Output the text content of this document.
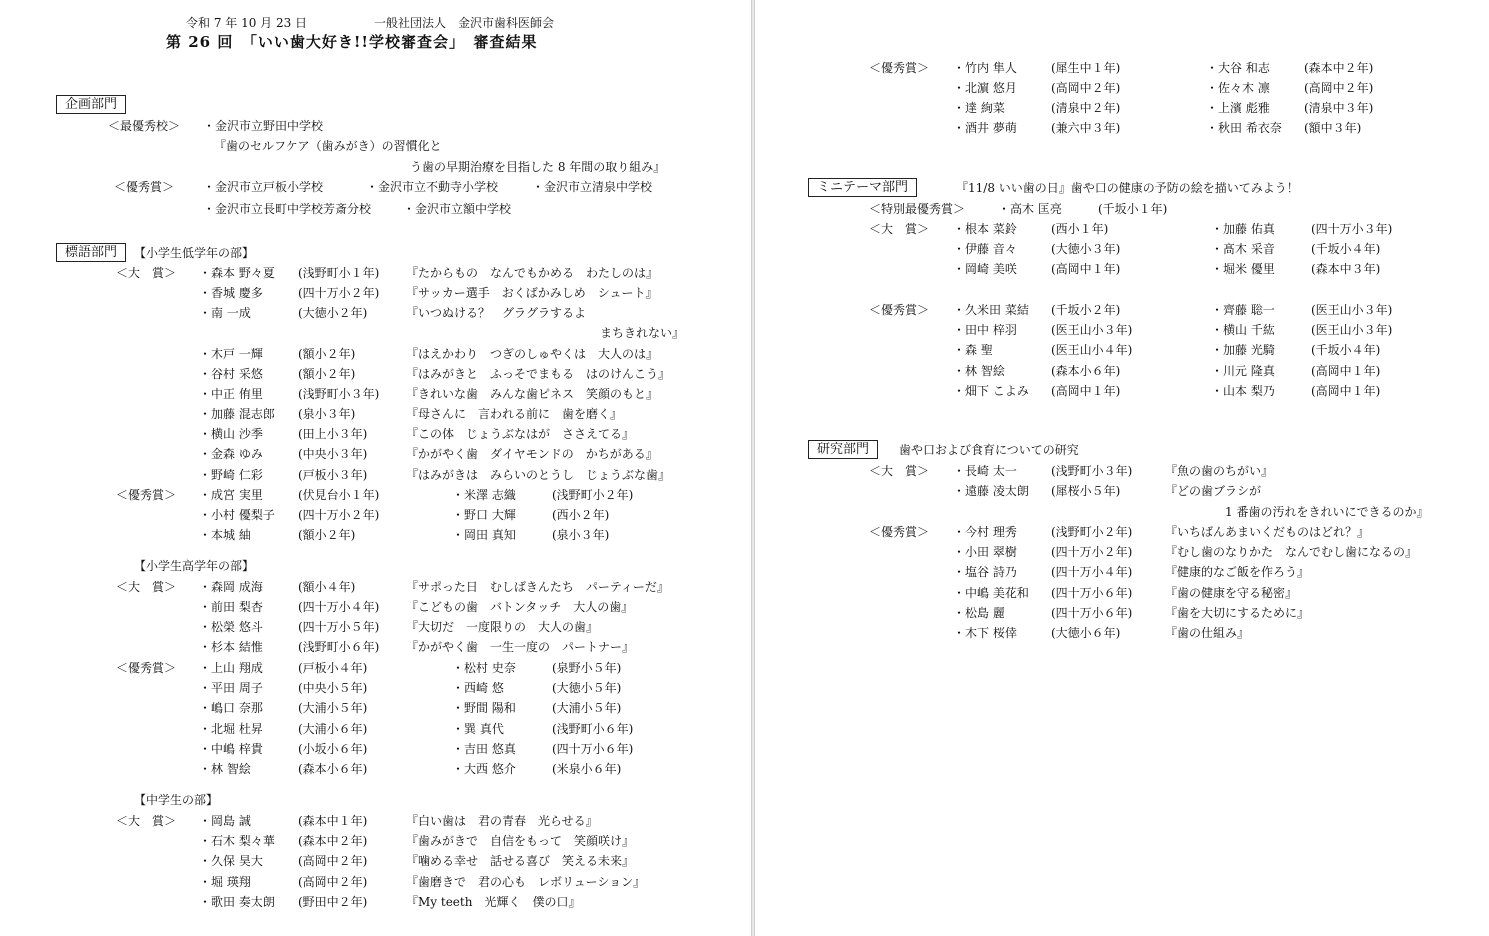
令和 7 年 10 月 23 日	一般社団法人　金沢市歯科医師会
第 26 回　「いい歯大好き!!学校審査会」　審査結果
企画部門
＜最優秀校＞ ・金沢市立野田中学校
『歯のセルフケア（歯みがき）の習慣化と
う歯の早期治療を目指した 8 年間の取り組み』
＜優秀賞＞ ・金沢市立戸板小学校	・金沢市立不動寺小学校	・金沢市立清泉中学校
・金沢市立長町中学校芳斎分校	・金沢市立額中学校
標語部門	【小学生低学年の部】
＜大　賞＞ ・森本 野々夏 (浅野町小１年) 『たからもの　なんでもかめる　わたしのは』
・香城 慶多	(四十万小２年) 『サッカー選手　おくばかみしめ　シュート』
・南 一成	(大徳小２年)	『いつぬける？　グラグラするよ
まちきれない』
・木戸 一輝	(額小２年)	『はえかわり　つぎのしゅやくは　大人のは』
・谷村 采悠	(額小２年)	『はみがきと　ふっそでまもる　はのけんこう』
・中正 侑里	(浅野町小３年) 『きれいな歯　みんな歯ピネス　笑顔のもと』
・加藤 混志郎 (泉小３年)	『母さんに　言われる前に　歯を磨く』
・横山 沙季	(田上小３年)	『この体　じょうぶなはが　ささえてる』
・金森 ゆみ	(中央小３年)	『かがやく歯　ダイヤモンドの　かちがある』
・野崎 仁彩	(戸板小３年)	『はみがきは　みらいのとうし　じょうぶな歯』
＜優秀賞＞ ・成宮 実里	(伏見台小１年)	・米澤 志織	(浅野町小２年)
・小村 優梨子 (四十万小２年)	・野口 大輝	(西小２年)
・本城 紬	(額小２年)	・岡田 真知	(泉小３年)
【小学生高学年の部】
＜大　賞＞ ・森岡 成海	(額小４年)	『サポった日　むしばきんたち　パーティーだ』
・前田 梨杏	(四十万小４年) 『こどもの歯　バトンタッチ　大人の歯』
・松榮 悠斗	(四十万小５年) 『大切だ　一度限りの　大人の歯』
・杉本 結惟	(浅野町小６年) 『かがやく歯　一生一度の　パートナー』
＜優秀賞＞ ・上山 翔成	(戸板小４年)	・松村 史奈	(泉野小５年)
・平田 周子	(中央小５年)	・西崎 悠	(大徳小５年)
・嶋口 奈那	(大浦小５年)	・野間 陽和	(大浦小５年)
・北堀 杜昇	(大浦小６年)	・巽 真代	(浅野町小６年)
・中嶋 梓貴	(小坂小６年)	・吉田 悠真	(四十万小６年)
・林 智絵	(森本小６年)	・大西 悠介	(米泉小６年)
【中学生の部】
＜大　賞＞ ・岡島 誠	(森本中１年)	『白い歯は　君の青春　光らせる』
・石木 梨々華 (森本中２年)	『歯みがきで　自信をもって　笑顔咲け』
・久保 昊大	(高岡中２年)	『噛める幸せ　話せる喜び　笑える未来』
・堀 瑛翔	(高岡中２年)	『歯磨きで　君の心も　レボリューション』
・歌田 奏太朗 (野田中２年)	『My teeth　光輝く　僕の口』
＜優秀賞＞ ・竹内 隼人	(犀生中１年)	・大谷 和志	(森本中２年)
・北濵 悠月	(高岡中２年)	・佐々木 凛	(高岡中２年)
・達 絢菜	(清泉中２年)	・上濱 彪雅	(清泉中３年)
・酒井 夢萌	(兼六中３年)	・秋田 希衣奈 (額中３年)
ミニテーマ部門	『11/8 いい歯の日』歯や口の健康の予防の絵を描いてみよう！
＜特別最優秀賞＞	・高木 匡亮	(千坂小１年)
＜大　賞＞ ・根本 菜鈴	(西小１年)	・加藤 佑真	(四十万小３年)
・伊藤 音々	(大徳小３年)	・髙木 采音	(千坂小４年)
・岡崎 美咲	(高岡中１年)	・堀米 優里	(森本中３年)
＜優秀賞＞ ・久米田 菜結 (千坂小２年)	・齊藤 聡一	(医王山小３年)
・田中 梓羽	(医王山小３年)	・横山 千紘	(医王山小３年)
・森 聖	(医王山小４年)	・加藤 光騎	(千坂小４年)
・林 智絵	(森本小６年)	・川元 隆真	(高岡中１年)
・畑下 こよみ (高岡中１年)	・山本 梨乃	(高岡中１年)
研究部門	歯や口および食育についての研究
＜大　賞＞ ・長崎 太一	(浅野町小３年)	『魚の歯のちがい』
・遠藤 凌太朗 (犀桜小５年)	『どの歯ブラシが
1 番歯の汚れをきれいにできるのか』
＜優秀賞＞ ・今村 理秀	(浅野町小２年)	『いちばんあまいくだものはどれ？』
・小田 翠樹	(四十万小２年)	『むし歯のなりかた　なんでむし歯になるの』
・塩谷 詩乃	(四十万小４年)	『健康的なご飯を作ろう』
・中嶋 美花和 (四十万小６年)	『歯の健康を守る秘密』
・松島 麗	(四十万小６年)	『歯を大切にするために』
・木下 桜倖	(大徳小６年)	『歯の仕組み』
